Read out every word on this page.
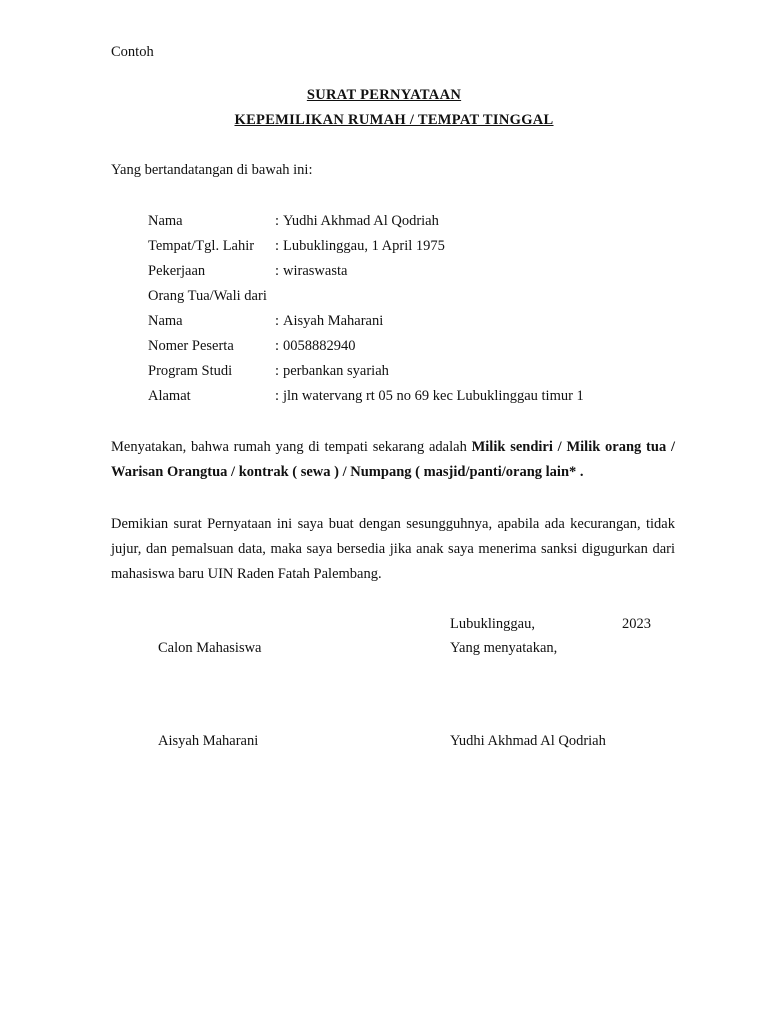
Contoh
SURAT PERNYATAAN
KEPEMILIKAN RUMAH / TEMPAT TINGGAL
Yang bertandatangan di bawah ini:
Nama	: Yudhi Akhmad Al Qodriah
Tempat/Tgl. Lahir	: Lubuklinggau, 1 April 1975
Pekerjaan	: wiraswasta
Orang Tua/Wali dari
Nama	: Aisyah Maharani
Nomer Peserta	: 0058882940
Program Studi	: perbankan syariah
Alamat	: jln watervang rt 05 no 69 kec Lubuklinggau timur 1
Menyatakan, bahwa rumah yang di tempati sekarang adalah Milik sendiri / Milik orang tua / Warisan Orangtua / kontrak ( sewa ) / Numpang ( masjid/panti/orang lain* .
Demikian surat Pernyataan ini saya buat dengan sesungguhnya, apabila ada kecurangan, tidak jujur, dan pemalsuan data, maka saya bersedia jika anak saya menerima sanksi digugurkan dari mahasiswa baru UIN Raden Fatah Palembang.
Lubuklinggau,	2023
Calon Mahasiswa	Yang menyatakan,
Aisyah Maharani	Yudhi Akhmad Al Qodriah
